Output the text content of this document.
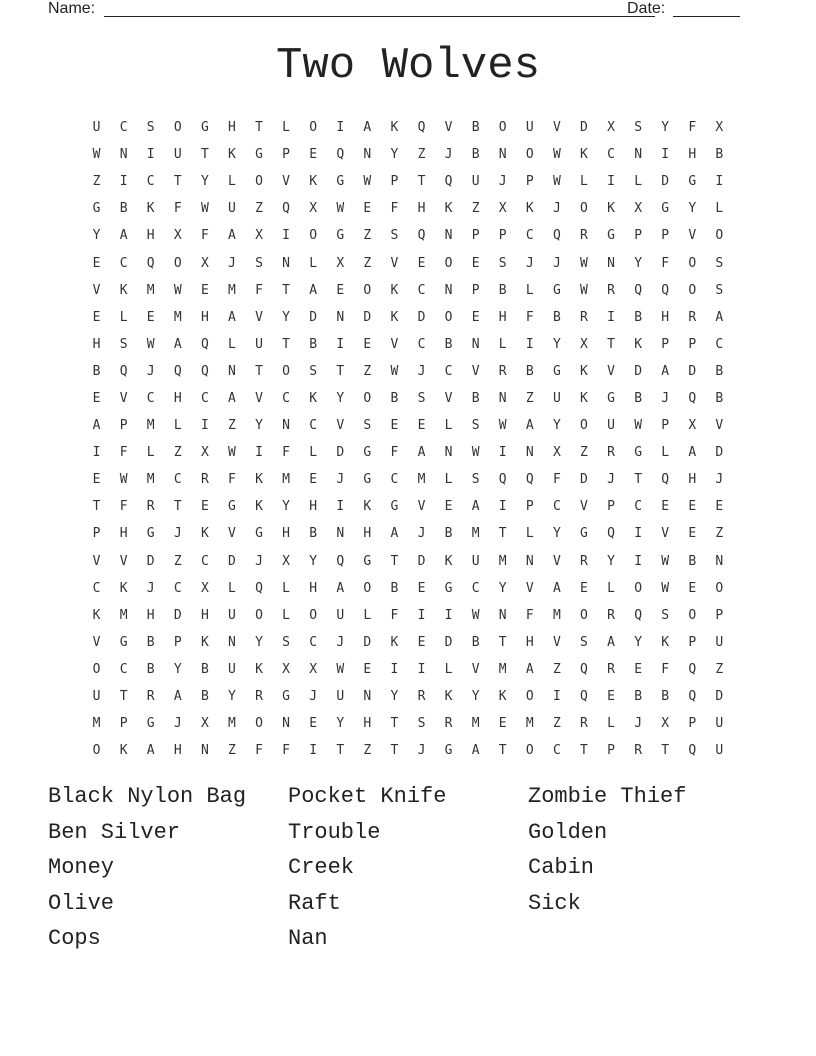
Name:	Date:
Two Wolves
U	C	S	O	G	H	T	L	O	I	A	K	Q	V	B	O	U	V	D	X	S	Y	F	X
W	N	I	U	T	K	G	P	E	Q	N	Y	Z	J	B	N	O	W	K	C	N	I	H	B
Z	I	C	T	Y	L	O	V	K	G	W	P	T	Q	U	J	P	W	L	I	L	D	G	I
G	B	K	F	W	U	Z	Q	X	W	E	F	H	K	Z	X	K	J	O	K	X	G	Y	L
Y	A	H	X	F	A	X	I	O	G	Z	S	Q	N	P	P	C	Q	R	G	P	P	V	O
E	C	Q	O	X	J	S	N	L	X	Z	V	E	O	E	S	J	J	W	N	Y	F	O	S
V	K	M	W	E	M	F	T	A	E	O	K	C	N	P	B	L	G	W	R	Q	Q	O	S
E	L	E	M	H	A	V	Y	D	N	D	K	D	O	E	H	F	B	R	I	B	H	R	A
H	S	W	A	Q	L	U	T	B	I	E	V	C	B	N	L	I	Y	X	T	K	P	P	C
B	Q	J	Q	Q	N	T	O	S	T	Z	W	J	C	V	R	B	G	K	V	D	A	D	B
E	V	C	H	C	A	V	C	K	Y	O	B	S	V	B	N	Z	U	K	G	B	J	Q	B
A	P	M	L	I	Z	Y	N	C	V	S	E	E	L	S	W	A	Y	O	U	W	P	X	V
I	F	L	Z	X	W	I	F	L	D	G	F	A	N	W	I	N	X	Z	R	G	L	A	D
E	W	M	C	R	F	K	M	E	J	G	C	M	L	S	Q	Q	F	D	J	T	Q	H	J
T	F	R	T	E	G	K	Y	H	I	K	G	V	E	A	I	P	C	V	P	C	E	E	E
P	H	G	J	K	V	G	H	B	N	H	A	J	B	M	T	L	Y	G	Q	I	V	E	Z
V	V	D	Z	C	D	J	X	Y	Q	G	T	D	K	U	M	N	V	R	Y	I	W	B	N
C	K	J	C	X	L	Q	L	H	A	O	B	E	G	C	Y	V	A	E	L	O	W	E	O
K	M	H	D	H	U	O	L	O	U	L	F	I	I	W	N	F	M	O	R	Q	S	O	P
V	G	B	P	K	N	Y	S	C	J	D	K	E	D	B	T	H	V	S	A	Y	K	P	U
O	C	B	Y	B	U	K	X	X	W	E	I	I	L	V	M	A	Z	Q	R	E	F	Q	Z
U	T	R	A	B	Y	R	G	J	U	N	Y	R	K	Y	K	O	I	Q	E	B	B	Q	D
M	P	G	J	X	M	O	N	E	Y	H	T	S	R	M	E	M	Z	R	L	J	X	P	U
O	K	A	H	N	Z	F	F	I	T	Z	T	J	G	A	T	O	C	T	P	R	T	Q	U
Black Nylon Bag
Ben Silver
Money
Olive
Cops
Pocket Knife
Trouble
Creek
Raft
Nan
Zombie Thief
Golden
Cabin
Sick
